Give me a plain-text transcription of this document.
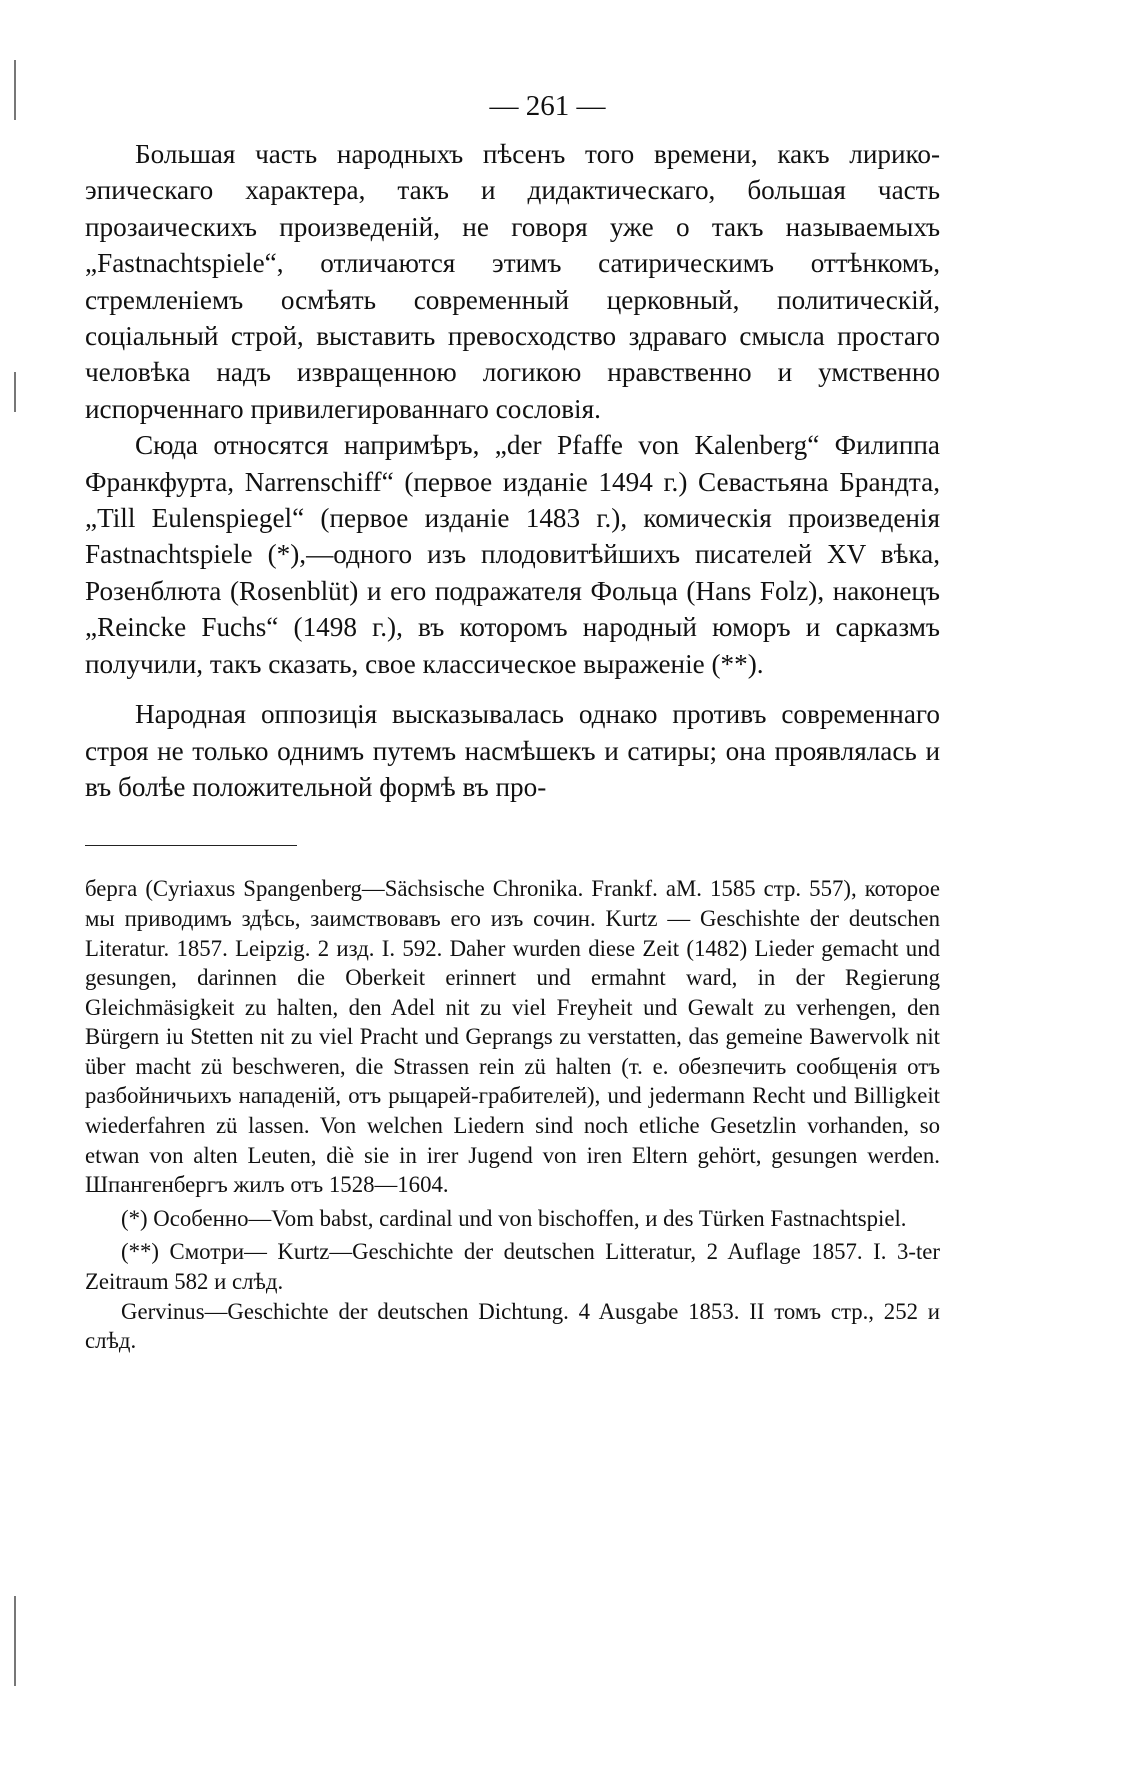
— 261 —

Большая часть народныхъ пѣсенъ того времени, какъ лирико-эпическаго характера, такъ и дидактическаго, большая часть прозаическихъ произведеній, не говоря уже о такъ называемыхъ „Fastnachtspiele“, отличаются этимъ сатирическимъ оттѣнкомъ, стремленіемъ осмѣять современный церковный, политическій, соціальный строй, выставить превосходство здраваго смысла простаго человѣка надъ извращенною логикою нравственно и умственно испорченнаго привилегированнаго сословія.

Сюда относятся напримѣръ, „der Pfaffe von Kalenberg“ Филиппа Франкфурта, Narrenschiff“ (первое изданіе 1494 г.) Севастьяна Брандта, „Till Eulenspiegel“ (первое изданіе 1483 г.), комическія произведенія Fastnachtspiele (*),—одного изъ плодовитѣйшихъ писателей XV вѣка, Розенблюта (Rosenblüt) и его подражателя Фольца (Hans Folz), наконецъ „Reincke Fuchs“ (1498 г.), въ которомъ народный юморъ и сарказмъ получили, такъ сказать, свое классическое выраженіе (**).

Народная оппозиція высказывалась однако противъ современнаго строя не только однимъ путемъ насмѣшекъ и сатиры; она проявлялась и въ болѣе положительной формѣ въ про-

берга (Cyriaxus Spangenberg—Sächsische Chronika. Frankf. aM. 1585 стр. 557), которое мы приводимъ здѣсь, заимствовавъ его изъ сочин. Kurtz — Geschishte der deutschen Literatur. 1857. Leipzig. 2 изд. I. 592. Daher wurden diese Zeit (1482) Lieder gemacht und gesungen, darinnen die Oberkeit erinnert und ermahnt ward, in der Regierung Gleichmäsigkeit zu halten, den Adel nit zu viel Freyheit und Gewalt zu verhengen, den Bürgern iu Stetten nit zu viel Pracht und Geprangs zu verstatten, das gemeine Bawervolk nit über macht zü beschweren, die Strassen rein zü halten (т. е. обезпечить сообщенія отъ разбойничьихъ нападеній, отъ рыцарей-грабителей), und jedermann Recht und Billigkeit wiederfahren zü lassen. Von welchen Liedern sind noch etliche Gesetzlin vorhanden, so etwan von alten Leuten, diè sie in irer Jugend von iren Eltern gehört, gesungen werden. Шпангенбергъ жилъ отъ 1528—1604.

(*) Особенно—Vom babst, cardinal und von bischoffen, и des Türken Fastnachtspiel.

(**) Смотри— Kurtz—Geschichte der deutschen Litteratur, 2 Auflage 1857. I. 3-ter Zeitraum 582 и слѣд.

Gervinus—Geschichte der deutschen Dichtung. 4 Ausgabe 1853. II томъ стр., 252 и слѣд.
